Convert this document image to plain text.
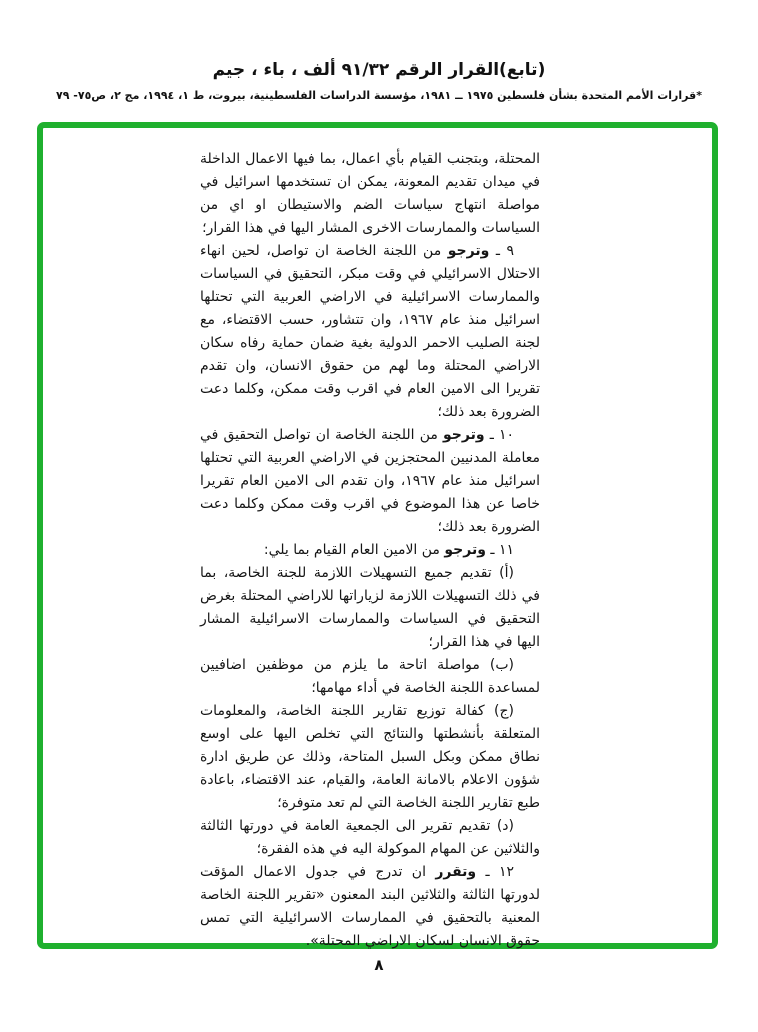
(تابع)القرار الرقم ٩١/٣٢ ألف ، باء ، جيم
*قرارات الأمم المتحدة بشأن فلسطين ١٩٧٥ ــ ١٩٨١، مؤسسة الدراسات الفلسطينية، بيروت، ط ١، ١٩٩٤، مج ٢، ص٧٥- ٧٩

المحتلة، وبتجنب القيام بأي اعمال، بما فيها الاعمال الداخلة في ميدان تقديم المعونة، يمكن ان تستخدمها اسرائيل في مواصلة انتهاج سياسات الضم والاستيطان او اي من السياسات والممارسات الاخرى المشار اليها في هذا القرار؛

٩ ـ وترجو من اللجنة الخاصة ان تواصل، لحين انهاء الاحتلال الاسرائيلي في وقت مبكر، التحقيق في السياسات والممارسات الاسرائيلية في الاراضي العربية التي تحتلها اسرائيل منذ عام ١٩٦٧، وان تتشاور، حسب الاقتضاء، مع لجنة الصليب الاحمر الدولية بغية ضمان حماية رفاه سكان الاراضي المحتلة وما لهم من حقوق الانسان، وان تقدم تقريرا الى الامين العام في اقرب وقت ممكن، وكلما دعت الضرورة بعد ذلك؛

١٠ ـ وترجو من اللجنة الخاصة ان تواصل التحقيق في معاملة المدنيين المحتجزين في الاراضي العربية التي تحتلها اسرائيل منذ عام ١٩٦٧، وان تقدم الى الامين العام تقريرا خاصا عن هذا الموضوع في اقرب وقت ممكن وكلما دعت الضرورة بعد ذلك؛

١١ ـ وترجو من الامين العام القيام بما يلي:

(أ) تقديم جميع التسهيلات اللازمة للجنة الخاصة، بما في ذلك التسهيلات اللازمة لزياراتها للاراضي المحتلة بغرض التحقيق في السياسات والممارسات الاسرائيلية المشار اليها في هذا القرار؛

(ب) مواصلة اتاحة ما يلزم من موظفين اضافيين لمساعدة اللجنة الخاصة في أداء مهامها؛

(ج) كفالة توزيع تقارير اللجنة الخاصة، والمعلومات المتعلقة بأنشطتها والنتائج التي تخلص اليها على اوسع نطاق ممكن وبكل السبل المتاحة، وذلك عن طريق ادارة شؤون الاعلام بالامانة العامة، والقيام، عند الاقتضاء، باعادة طبع تقارير اللجنة الخاصة التي لم تعد متوفرة؛

(د) تقديم تقرير الى الجمعية العامة في دورتها الثالثة والثلاثين عن المهام الموكولة اليه في هذه الفقرة؛

١٢ ـ وتقرر ان تدرج في جدول الاعمال المؤقت لدورتها الثالثة والثلاثين البند المعنون «تقرير اللجنة الخاصة المعنية بالتحقيق في الممارسات الاسرائيلية التي تمس حقوق الانسان لسكان الاراضي المحتلة».

٨
